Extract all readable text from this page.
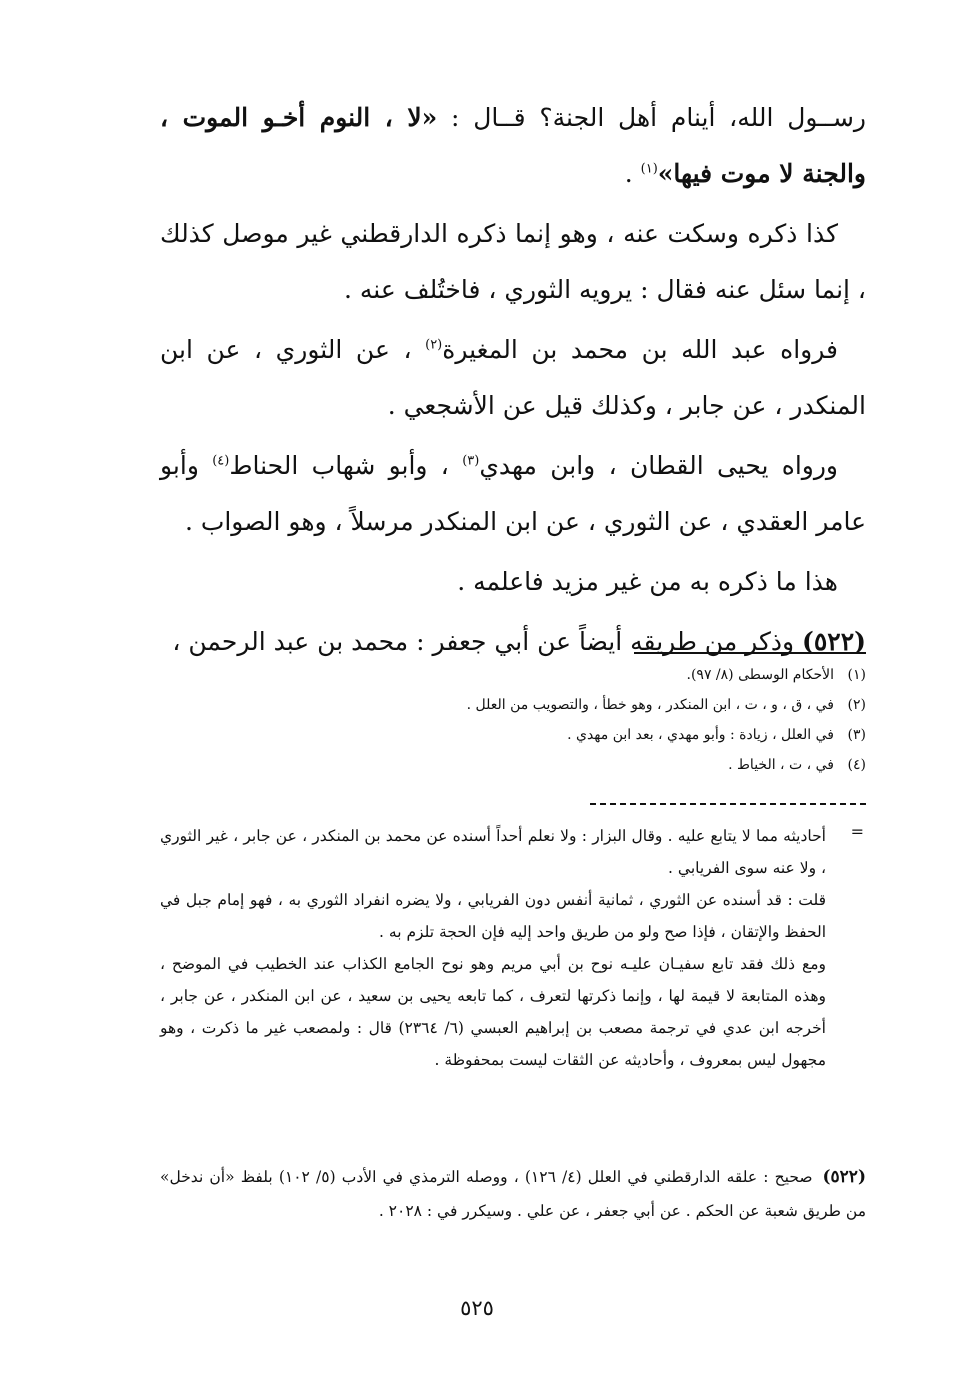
رســول الله، أينام أهل الجنة؟ قــال : «لا ، النوم أخـو الموت ، والجنة لا موت فيها»$^{(١)}$ .

كذا ذكره وسكت عنه ، وهو إنما ذكره الدارقطني غير موصل كذلك ، إنما سئل عنه فقال : يرويه الثوري ، فاختُلف عنه .

فرواه عبد الله بن محمد بن المغيرة$^{(٢)}$ ، عن الثوري ، عن ابن المنكدر ، عن جابر ، وكذلك قيل عن الأشجعي .

ورواه يحيى القطان ، وابن مهدي$^{(٣)}$ ، وأبو شهاب الحناط$^{(٤)}$ وأبو عامر العقدي ، عن الثوري ، عن ابن المنكدر مرسلاً ، وهو الصواب .

هذا ما ذكره به من غير مزيد فاعلمه .

(٥٢٢) وذكر من طريقه أيضاً عن أبي جعفر : محمد بن عبد الرحمن ،

(١)الأحكام الوسطى (٨/ ٩٧).
(٢)في ، ق ، و ، ت ، ابن المنكدر ، وهو خطأ ، والتصويب من العلل .
(٣)في العلل ، زيادة : وأبو مهدي ، بعد ابن مهدي .
(٤)في ، ت ، الخياط .
=

أحاديثه مما لا يتابع عليه . وقال البزار : ولا نعلم أحداً أسنده عن محمد بن المنكدر ، عن جابر ، غير الثوري ، ولا عنه سوى الفريابي .

قلت : قد أسنده عن الثوري ، ثمانية أنفس دون الفريابي ، ولا يضره انفراد الثوري به ، فهو إمام جبل في الحفظ والإتقان ، فإذا صح ولو من طريق واحد إليه فإن الحجة تلزم به .

ومع ذلك فقد تابع سفيـان عليـه نوح بن أبي مريم وهو نوح الجامع الكذاب عند الخطيب في الموضح ، وهذه المتابعة لا قيمة لها ، وإنما ذكرتها لتعرف ، كما تابعه يحيى بن سعيد ، عن ابن المنكدر ، عن جابر ، أخرجه ابن عدي في ترجمة مصعب بن إبراهيم العبسي (٦/ ٢٣٦٤) قال : ولمصعب غير ما ذكرت ، وهو مجهول ليس بمعروف ، وأحاديثه عن الثقات ليست بمحفوظة .

(٥٢٢)صحيح : علقه الدارقطني في العلل (٤/ ١٢٦) ، ووصله الترمذي في الأدب (٥/ ١٠٢) بلفظ «أن ندخل» من طريق شعبة عن الحكم . عن أبي جعفر ، عن علي . وسيكرر في : ٢٠٢٨ .
٥٢٥
